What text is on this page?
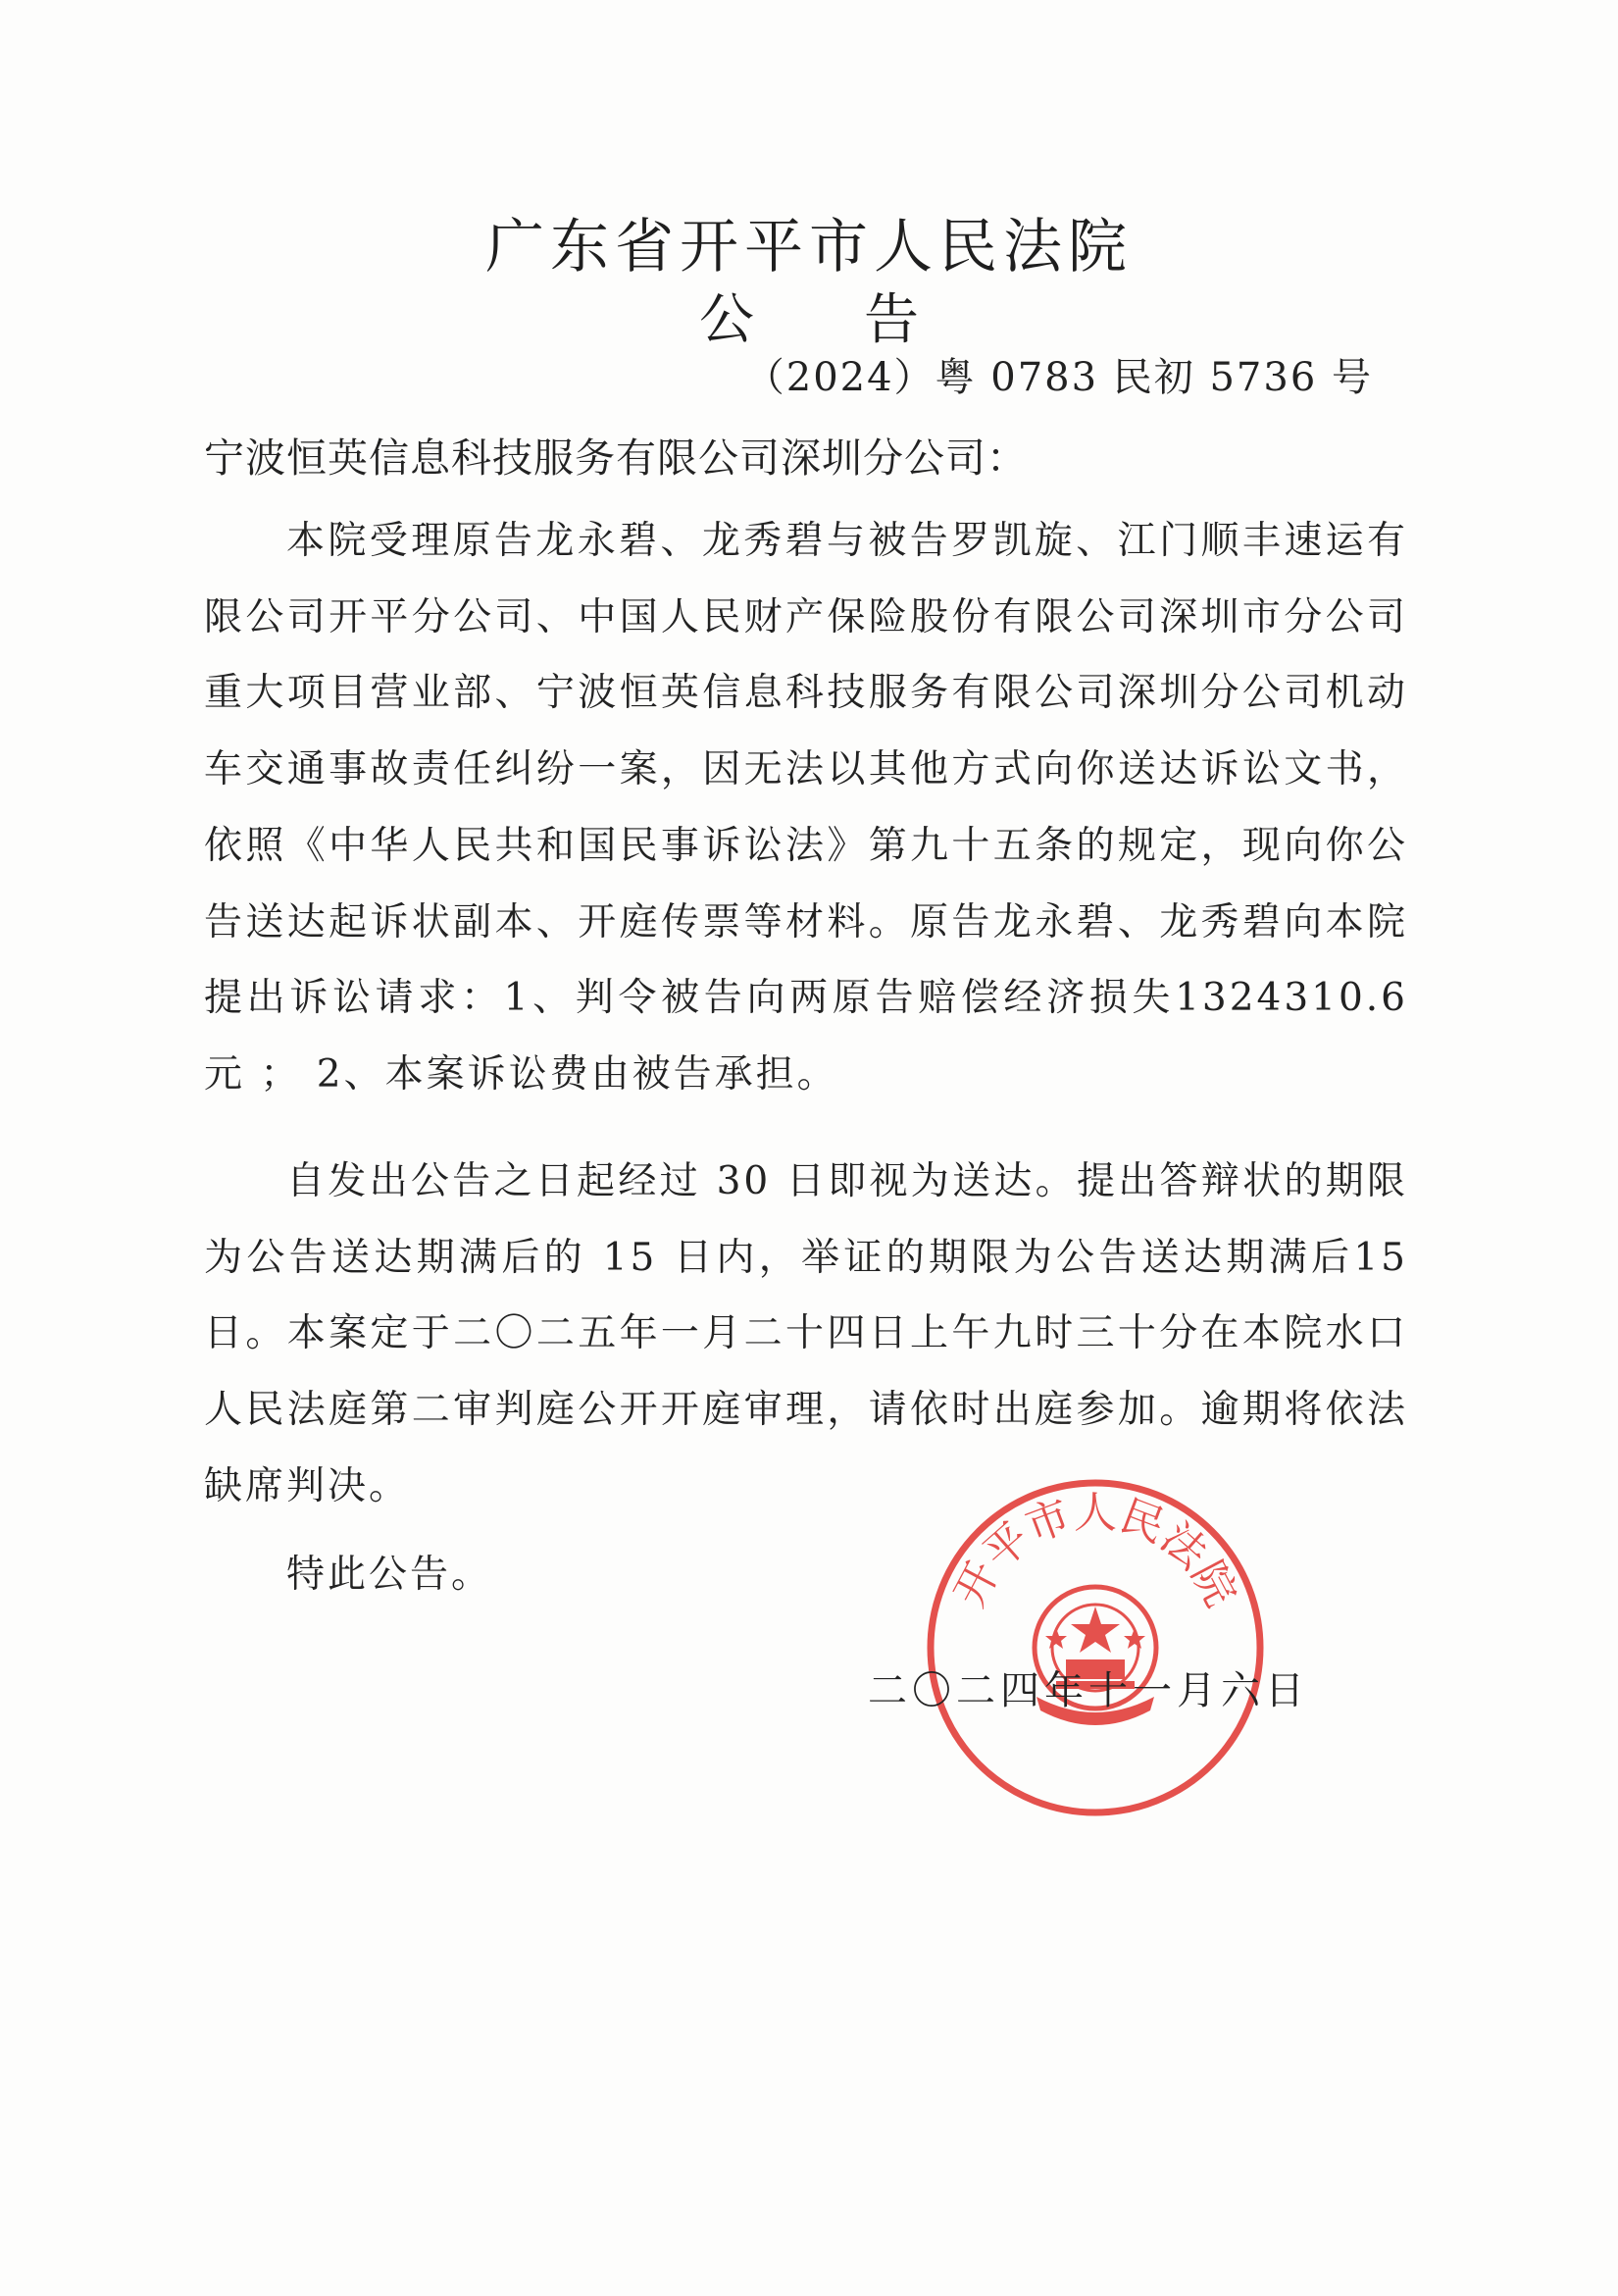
广东省开平市人民法院
公　　告
（2024）粤 0783 民初 5736 号
宁波恒英信息科技服务有限公司深圳分公司：

本院受理原告龙永碧、龙秀碧与被告罗凯旋、江门顺丰速运有限公司开平分公司、中国人民财产保险股份有限公司深圳市分公司重大项目营业部、宁波恒英信息科技服务有限公司深圳分公司机动车交通事故责任纠纷一案，因无法以其他方式向你送达诉讼文书，依照《中华人民共和国民事诉讼法》第九十五条的规定，现向你公告送达起诉状副本、开庭传票等材料。原告龙永碧、龙秀碧向本院提出诉讼请求：1、判令被告向两原告赔偿经济损失1324310.6 元 ； 2、本案诉讼费由被告承担。

自发出公告之日起经过 30 日即视为送达。提出答辩状的期限为公告送达期满后的 15 日内，举证的期限为公告送达期满后15 日。本案定于二〇二五年一月二十四日上午九时三十分在本院水口人民法庭第二审判庭公开开庭审理，请依时出庭参加。逾期将依法缺席判决。

特此公告。	开平市人民法院
二〇二四年十一月六日
